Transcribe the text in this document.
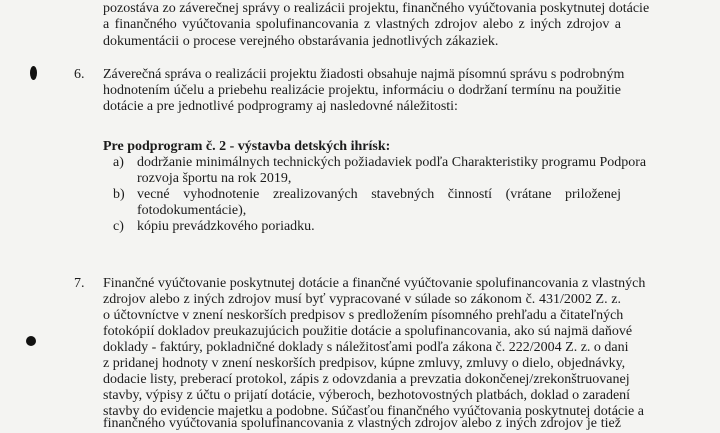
pozostáva zo záverečnej správy o realizácii projektu, finančného vyúčtovania poskytnutej dotácie
a finančného vyúčtovania spolufinancovania z vlastných zdrojov alebo z iných zdrojov a
dokumentácii o procese verejného obstarávania jednotlivých zákaziek.
6. Záverečná správa o realizácii projektu žiadosti obsahuje najmä písomnú správu s podrobným
hodnotením účelu a priebehu realizácie projektu, informáciu o dodržaní termínu na použitie
dotácie a pre jednotlivé podprogramy aj nasledovné náležitosti:
Pre podprogram č. 2 - výstavba detských ihrísk:
a) dodržanie minimálnych technických požiadaviek podľa Charakteristiky programu Podpora
rozvoja športu na rok 2019,
b) vecné vyhodnotenie zrealizovaných stavebných činností (vrátane priloženej
fotodokumentácie),
c) kópiu prevádzkového poriadku.
7. Finančné vyúčtovanie poskytnutej dotácie a finančné vyúčtovanie spolufinancovania z vlastných
zdrojov alebo z iných zdrojov musí byť vypracované v súlade so zákonom č. 431/2002 Z. z.
o účtovníctve v znení neskorších predpisov s predložením písomného prehľadu a čitateľných
fotokópií dokladov preukazujúcich použitie dotácie a spolufinancovania, ako sú najmä daňové
doklady - faktúry, pokladničné doklady s náležitosťami podľa zákona č. 222/2004 Z. z. o dani
z pridanej hodnoty v znení neskorších predpisov, kúpne zmluvy, zmluvy o dielo, objednávky,
dodacie listy, preberací protokol, zápis z odovzdania a prevzatia dokončenej/zrekonštruovanej
stavby, výpisy z účtu o prijatí dotácie, výberoch, bezhotovostných platbách, doklad o zaradení
stavby do evidencie majetku a podobne. Súčasťou finančného vyúčtovania poskytnutej dotácie a
finančného vyúčtovania spolufinancovania z vlastných zdrojov alebo z iných zdrojov je tiež
